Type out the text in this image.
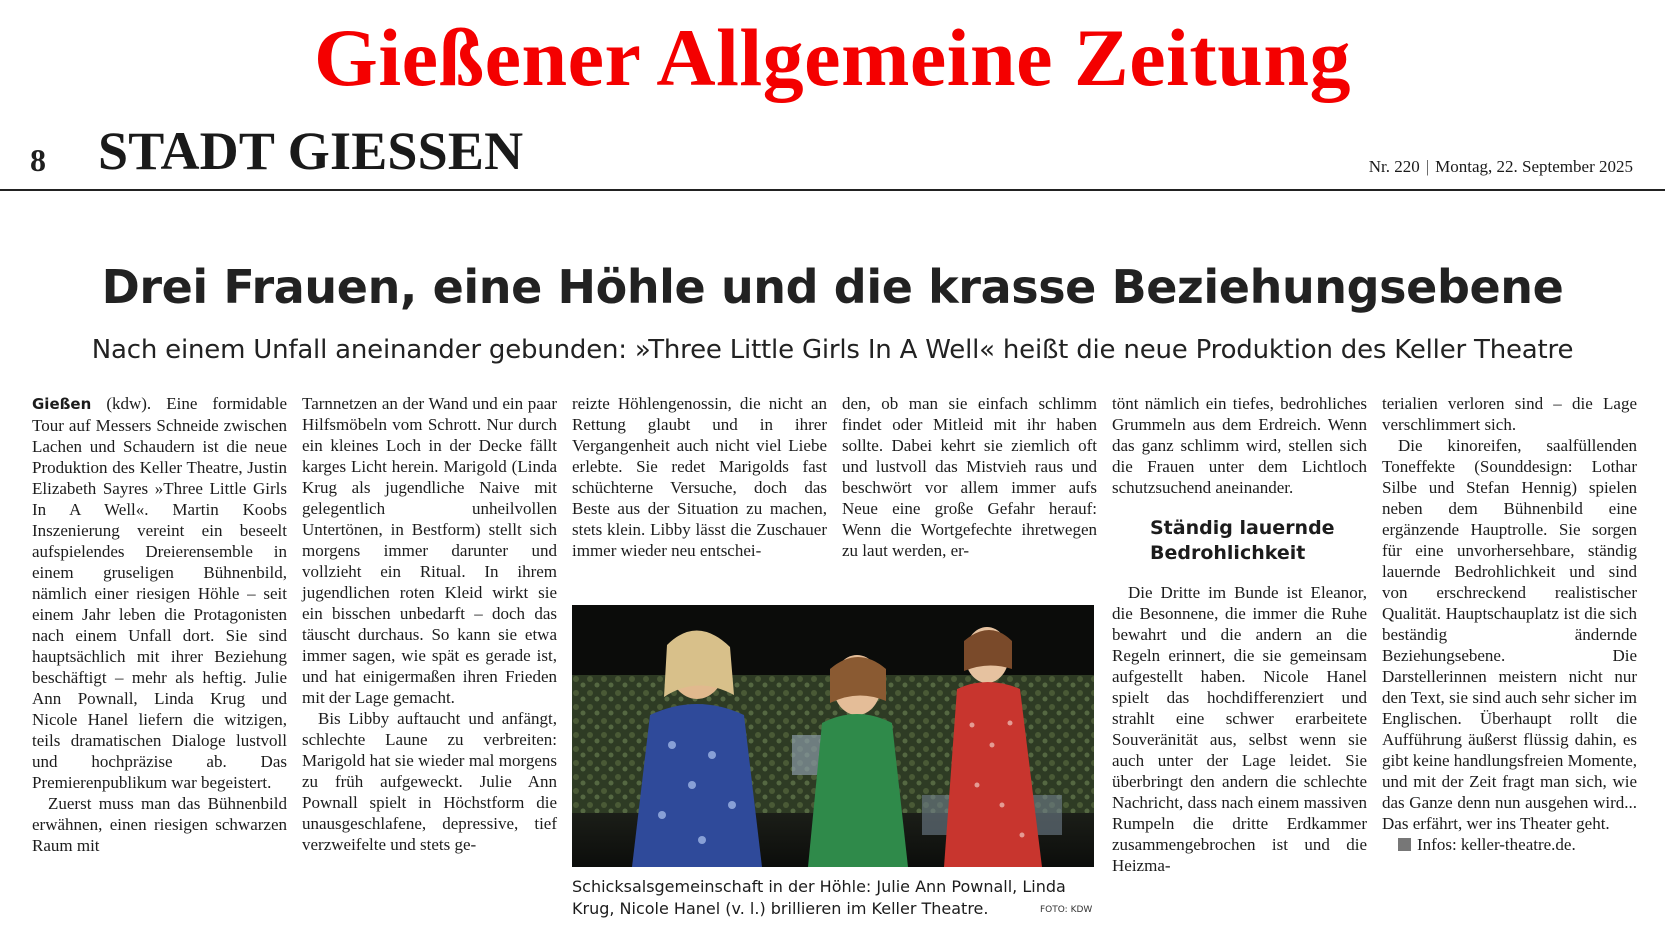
Gießener Allgemeine Zeitung
8 STADT GIESSEN	Nr. 220 | Montag, 22. September 2025
Drei Frauen, eine Höhle und die krasse Beziehungsebene
Nach einem Unfall aneinander gebunden: »Three Little Girls In A Well« heißt die neue Produktion des Keller Theatre

Gießen (kdw). Eine formidable Tour auf Messers Schneide zwischen Lachen und Schaudern ist die neue Produktion des Keller Theatre, Justin Elizabeth Sayres »Three Little Girls In A Well«. Martin Koobs Inszenierung vereint ein beseelt aufspielendes Dreierensemble in einem gruseligen Bühnenbild, nämlich einer riesigen Höhle – seit einem Jahr leben die Protagonisten nach einem Unfall dort. Sie sind hauptsächlich mit ihrer Beziehung beschäftigt – mehr als heftig. Julie Ann Pownall, Linda Krug und Nicole Hanel liefern die witzigen, teils dramatischen Dialoge lustvoll und hochpräzise ab. Das Premierenpublikum war begeistert.

Zuerst muss man das Bühnenbild erwähnen, einen riesigen schwarzen Raum mit

Tarnnetzen an der Wand und ein paar Hilfsmöbeln vom Schrott. Nur durch ein kleines Loch in der Decke fällt karges Licht herein. Marigold (Linda Krug als jugendliche Naive mit gelegentlich unheilvollen Untertönen, in Bestform) stellt sich morgens immer darunter und vollzieht ein Ritual. In ihrem jugendlichen roten Kleid wirkt sie ein bisschen unbedarft – doch das täuscht durchaus. So kann sie etwa immer sagen, wie spät es gerade ist, und hat einigermaßen ihren Frieden mit der Lage gemacht.

Bis Libby auftaucht und anfängt, schlechte Laune zu verbreiten: Marigold hat sie wieder mal morgens zu früh aufgeweckt. Julie Ann Pownall spielt in Höchstform die unausgeschlafene, depressive, tief verzweifelte und stets ge-

reizte Höhlengenossin, die nicht an Rettung glaubt und in ihrer Vergangenheit auch nicht viel Liebe erlebte. Sie redet Marigolds fast schüchterne Versuche, doch das Beste aus der Situation zu machen, stets klein. Libby lässt die Zuschauer immer wieder neu entschei-

den, ob man sie einfach schlimm findet oder Mitleid mit ihr haben sollte. Dabei kehrt sie ziemlich oft und lustvoll das Mistvieh raus und beschwört vor allem immer aufs Neue eine große Gefahr herauf: Wenn die Wortgefechte ihretwegen zu laut werden, er-

Schicksalsgemeinschaft in der Höhle: Julie Ann Pownall, Linda Krug, Nicole Hanel (v. l.) brillieren im Keller Theatre.	FOTO: KDW

tönt nämlich ein tiefes, bedrohliches Grummeln aus dem Erdreich. Wenn das ganz schlimm wird, stellen sich die Frauen unter dem Lichtloch schutzsuchend aneinander.

Ständig lauernde Bedrohlichkeit

Die Dritte im Bunde ist Eleanor, die Besonnene, die immer die Ruhe bewahrt und die andern an die Regeln erinnert, die sie gemeinsam aufgestellt haben. Nicole Hanel spielt das hochdifferenziert und strahlt eine schwer erarbeitete Souveränität aus, selbst wenn sie auch unter der Lage leidet. Sie überbringt den andern die schlechte Nachricht, dass nach einem massiven Rumpeln die dritte Erdkammer zusammengebrochen ist und die Heizma-

terialien verloren sind – die Lage verschlimmert sich.

Die kinoreifen, saalfüllenden Toneffekte (Sounddesign: Lothar Silbe und Stefan Hennig) spielen neben dem Bühnenbild eine ergänzende Hauptrolle. Sie sorgen für eine unvorhersehbare, ständig lauernde Bedrohlichkeit und sind von erschreckend realistischer Qualität. Hauptschauplatz ist die sich beständig ändernde Beziehungsebene. Die Darstellerinnen meistern nicht nur den Text, sie sind auch sehr sicher im Englischen. Überhaupt rollt die Aufführung äußerst flüssig dahin, es gibt keine handlungsfreien Momente, und mit der Zeit fragt man sich, wie das Ganze denn nun ausgehen wird... Das erfährt, wer ins Theater geht.

Infos: keller-theatre.de.
